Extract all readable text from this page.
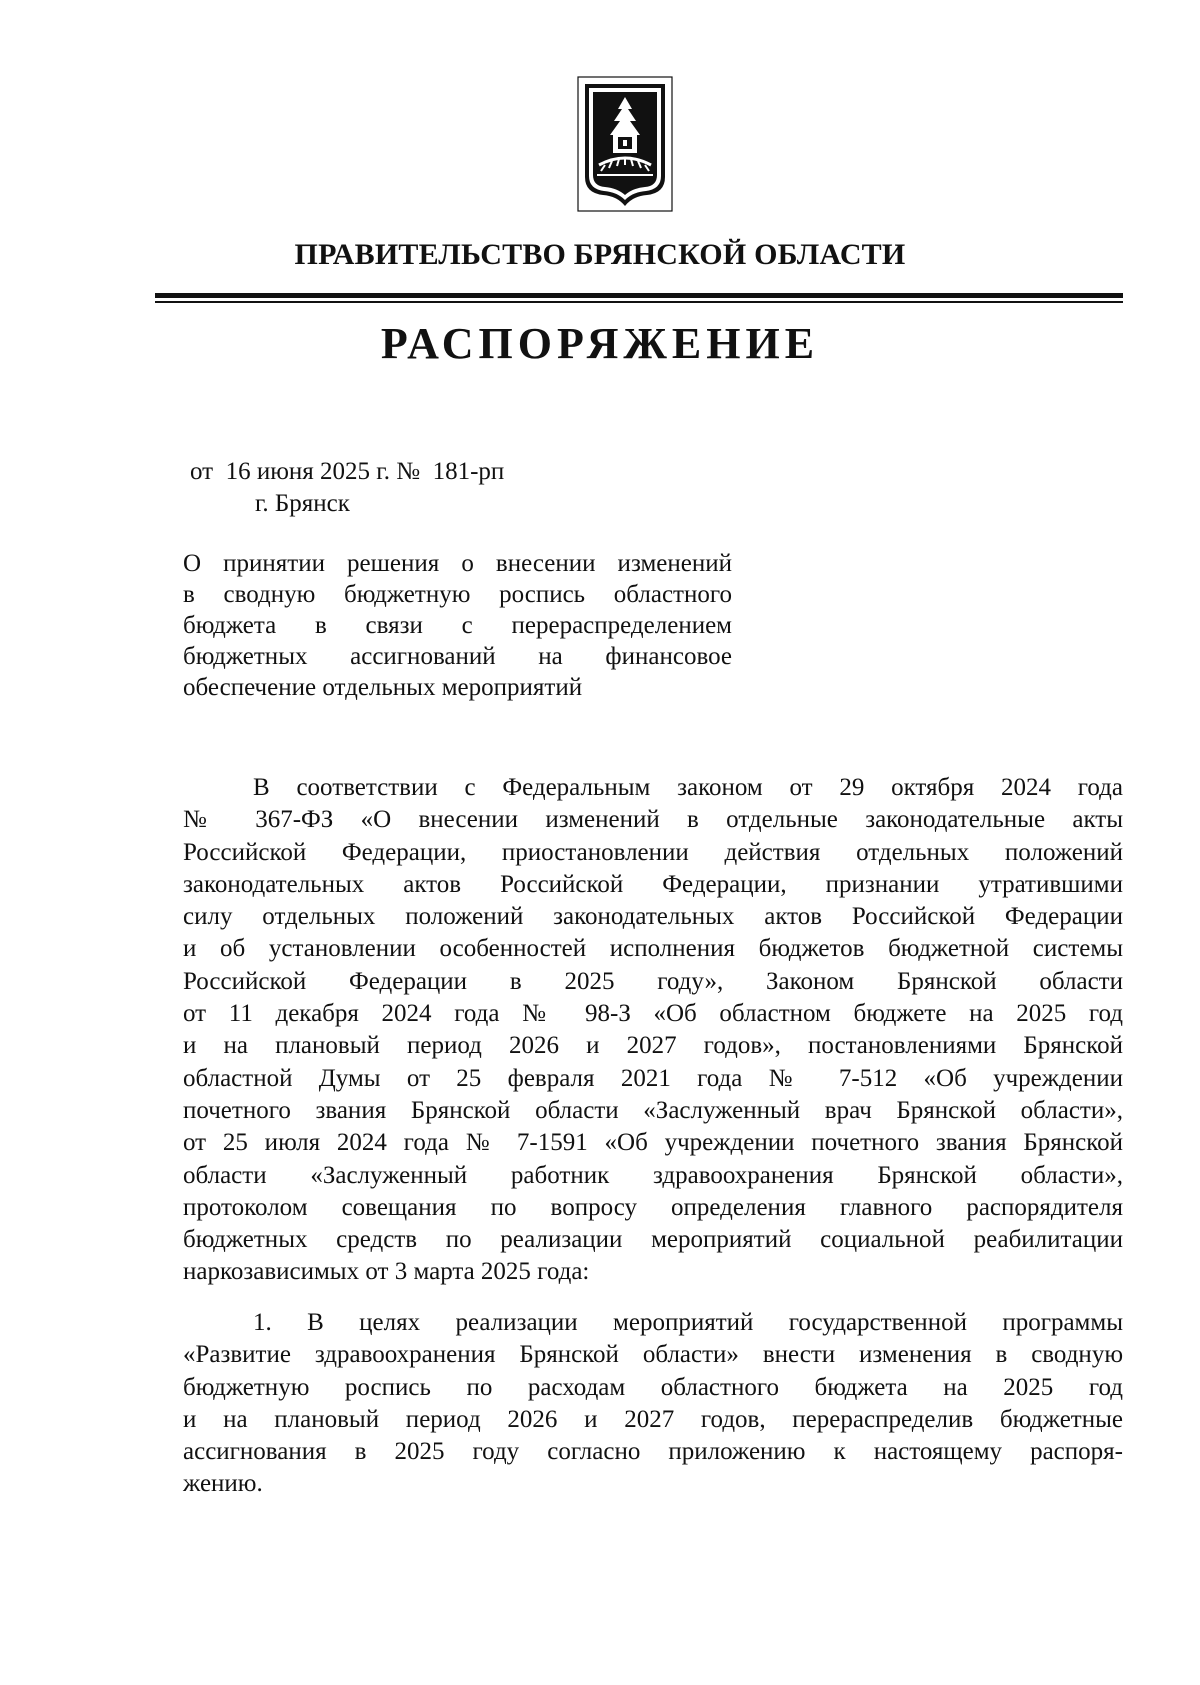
ПРАВИТЕЛЬСТВО БРЯНСКОЙ ОБЛАСТИ
РАСПОРЯЖЕНИЕ
от  16 июня 2025 г. №  181-рп
г. Брянск
О принятии решения о внесении изменений
в сводную бюджетную роспись областного
бюджета в связи с перераспределением
бюджетных ассигнований на финансовое
обеспечение отдельных мероприятий
В соответствии с Федеральным законом от 29 октября 2024 года
№ 367-ФЗ «О внесении изменений в отдельные законодательные акты
Российской Федерации, приостановлении действия отдельных положений
законодательных актов Российской Федерации, признании утратившими
силу отдельных положений законодательных актов Российской Федерации
и об установлении особенностей исполнения бюджетов бюджетной системы
Российской Федерации в 2025 году», Законом Брянской области
от 11 декабря 2024 года № 98-З «Об областном бюджете на 2025 год
и на плановый период 2026 и 2027 годов», постановлениями Брянской
областной Думы от 25 февраля 2021 года № 7-512 «Об учреждении
почетного звания Брянской области «Заслуженный врач Брянской области»,
от 25 июля 2024 года № 7-1591 «Об учреждении почетного звания Брянской
области «Заслуженный работник здравоохранения Брянской области»,
протоколом совещания по вопросу определения главного распорядителя
бюджетных средств по реализации мероприятий социальной реабилитации
наркозависимых от 3 марта 2025 года:
1. В целях реализации мероприятий государственной программы
«Развитие здравоохранения Брянской области» внести изменения в сводную
бюджетную роспись по расходам областного бюджета на 2025 год
и на плановый период 2026 и 2027 годов, перераспределив бюджетные
ассигнования в 2025 году согласно приложению к настоящему распоря-
жению.
